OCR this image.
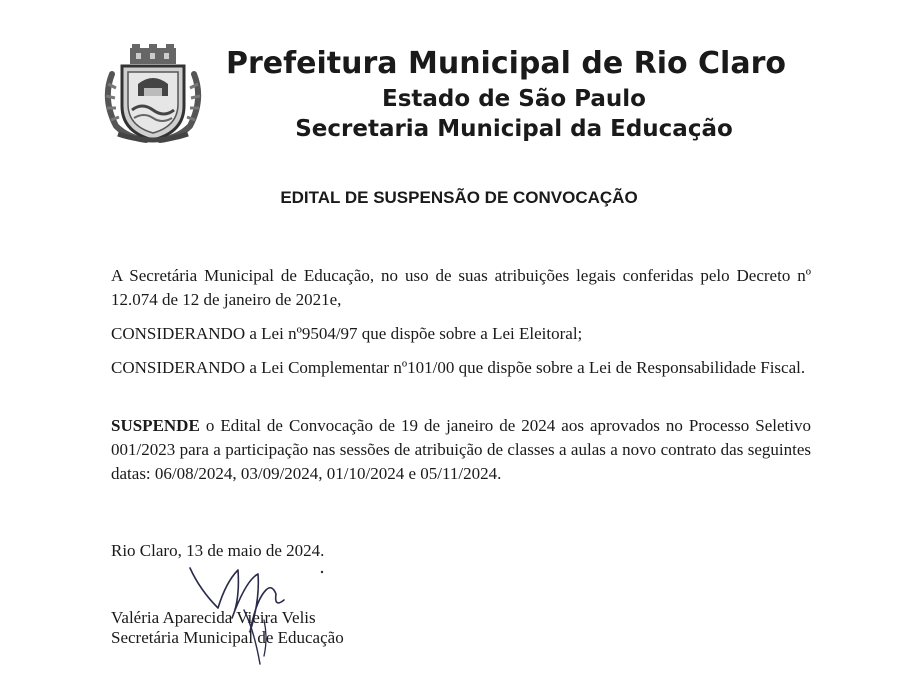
Prefeitura Municipal de Rio Claro
Estado de São Paulo
Secretaria Municipal da Educação
EDITAL DE SUSPENSÃO DE CONVOCAÇÃO
A Secretária Municipal de Educação, no uso de suas atribuições legais conferidas pelo Decreto nº 12.074 de 12 de janeiro de 2021e,
CONSIDERANDO a Lei nº9504/97 que dispõe sobre a Lei Eleitoral;
CONSIDERANDO a Lei Complementar nº101/00 que dispõe sobre a Lei de Responsabilidade Fiscal.
SUSPENDE o Edital de Convocação de 19 de janeiro de 2024 aos aprovados no Processo Seletivo 001/2023 para a participação nas sessões de atribuição de classes a aulas a novo contrato das seguintes datas: 06/08/2024, 03/09/2024, 01/10/2024 e 05/11/2024.
Rio Claro, 13 de maio de 2024.
Valéria Aparecida Vieira Velis
Secretária Municipal de Educação
